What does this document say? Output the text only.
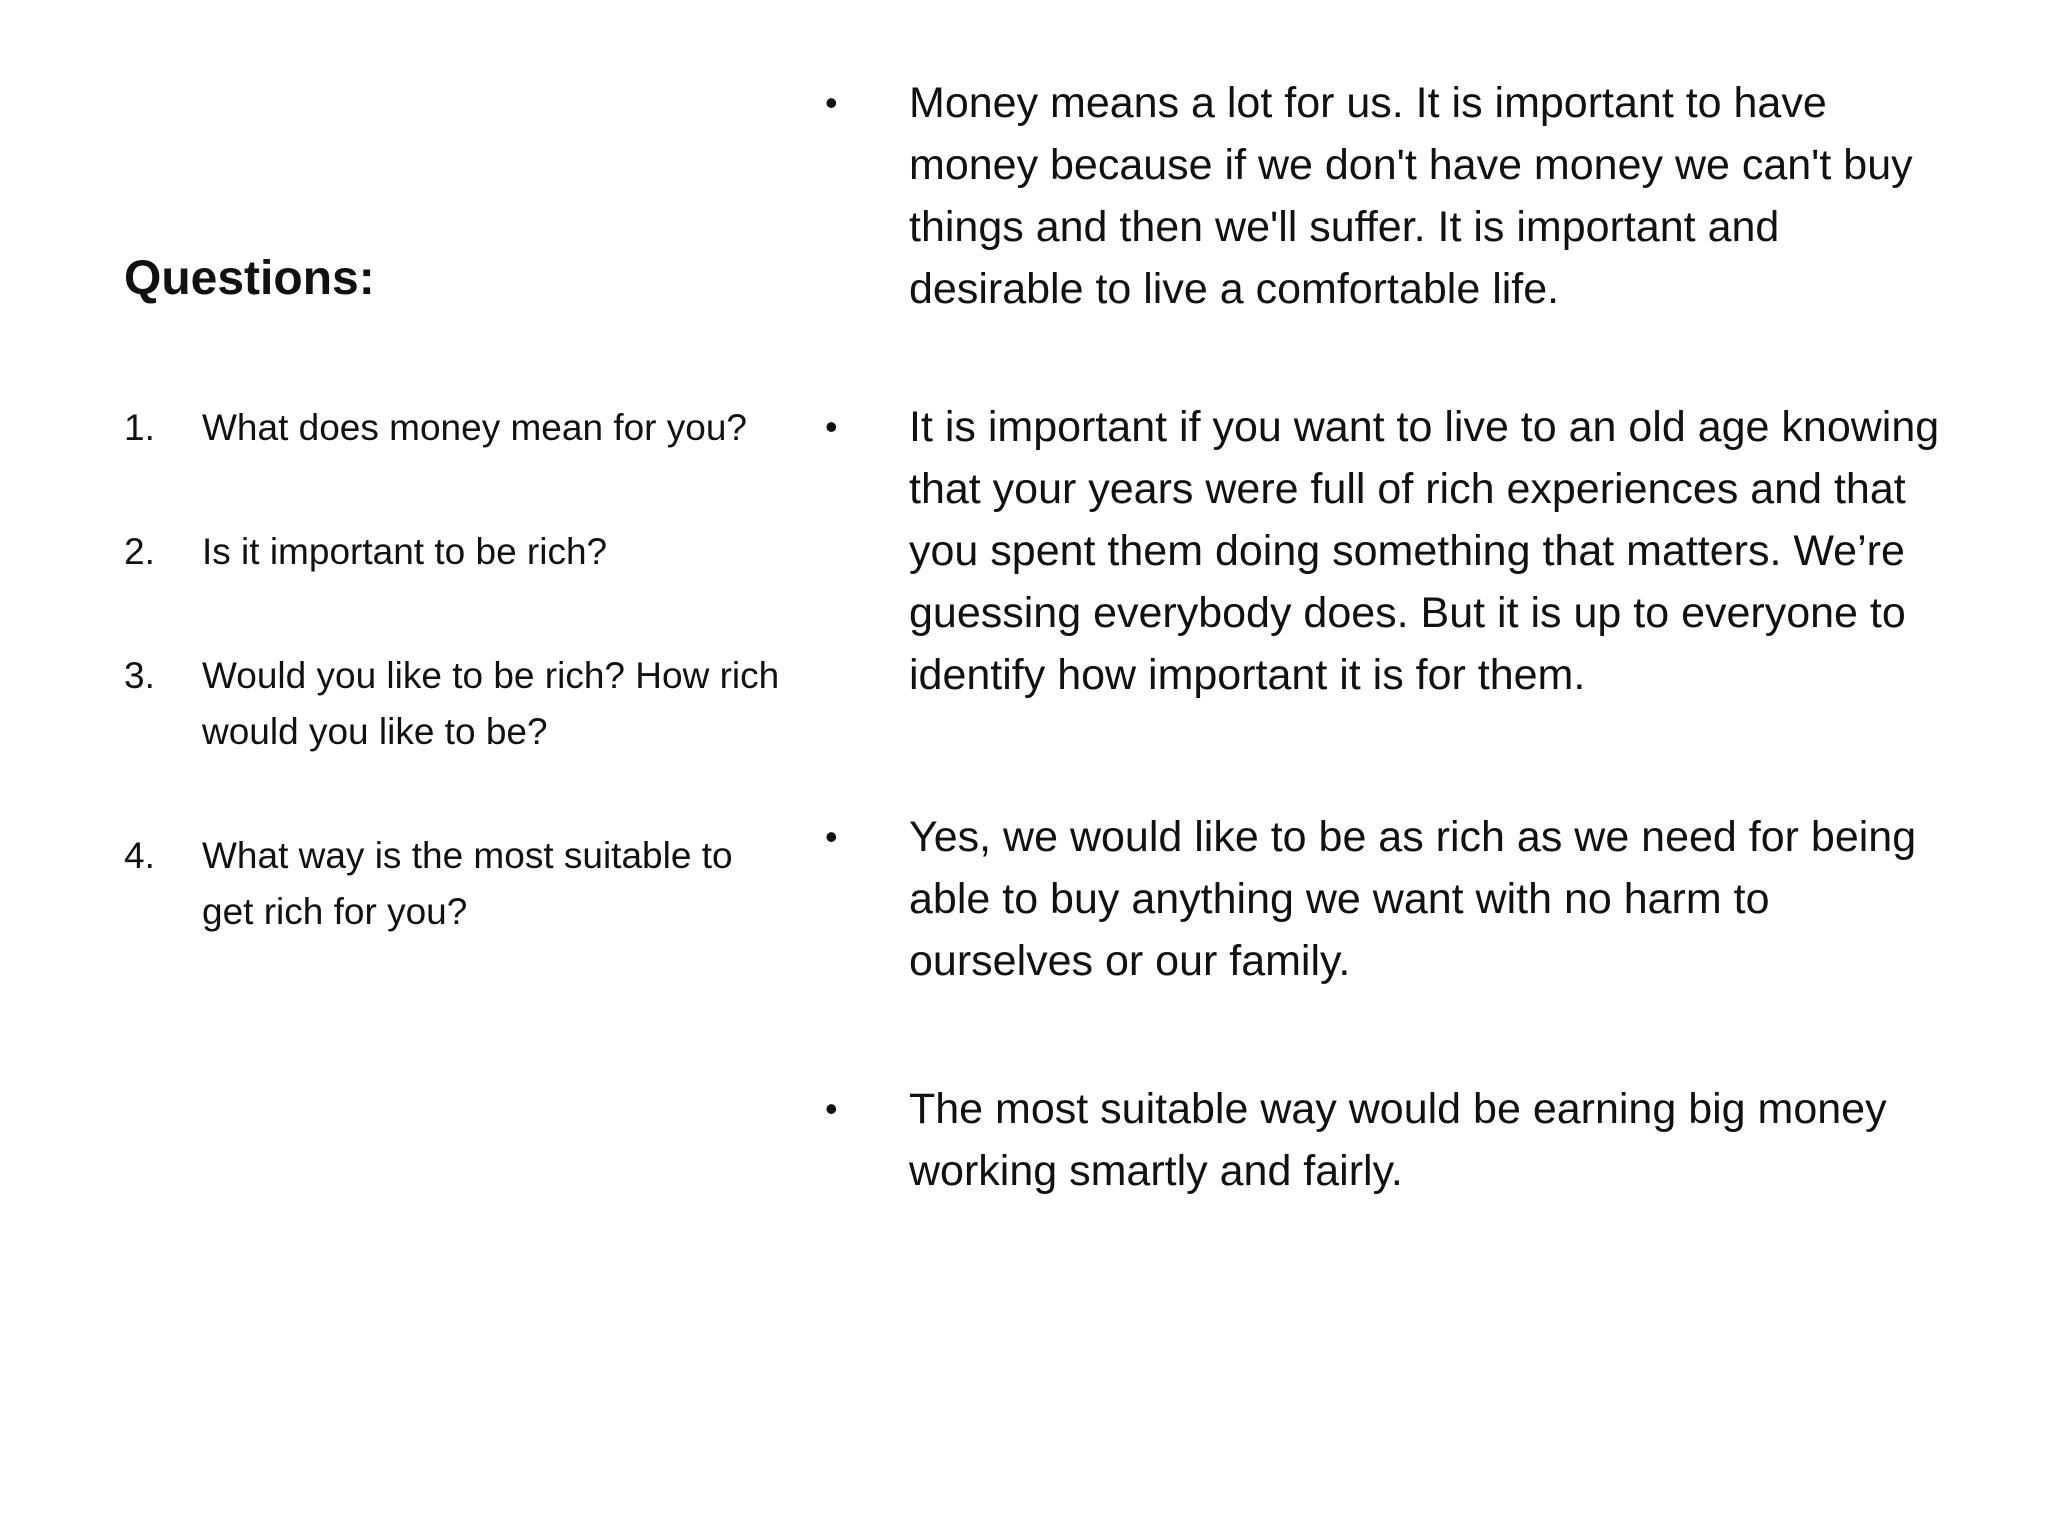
Questions:
1. What does money mean for you?
2. Is it important to be rich?
3. Would you like to be rich? How rich would you like to be?
4. What way is the most suitable to get rich for you?
• Money means a lot for us. It is important to have money because if we don't have money we can't buy things and then we'll suffer. It is important and desirable to live a comfortable life.
• It is important if you want to live to an old age knowing that your years were full of rich experiences and that you spent them doing something that matters. We’re guessing everybody does. But it is up to everyone to identify how important it is for them.
• Yes, we would like to be as rich as we need for being able to buy anything we want with no harm to ourselves or our family.
• The most suitable way would be earning big money working smartly and fairly.
